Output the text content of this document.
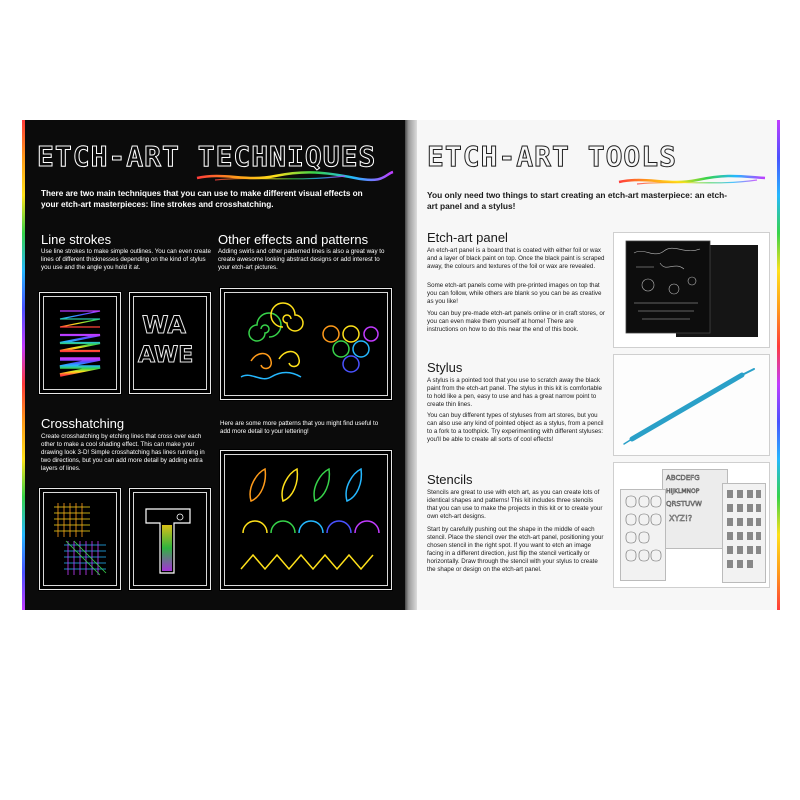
ETCH-ART TECHNIQUES
There are two main techniques that you can use to make different visual effects on your etch-art masterpieces: line strokes and crosshatching.
Line strokes
Use line strokes to make simple outlines. You can even create lines of different thicknesses depending on the kind of stylus you use and the angle you hold it at.
Other effects and patterns
Adding swirls and other patterned lines is also a great way to create awesome looking abstract designs or add interest to your etch-art pictures.
WA
AWE
Crosshatching
Create crosshatching by etching lines that cross over each other to make a cool shading effect. This can make your drawing look 3-D! Simple crosshatching has lines running in two directions, but you can add more detail by adding extra layers of lines.
Here are some more patterns that you might find useful to add more detail to your lettering!
ETCH-ART TOOLS
You only need two things to start creating an etch-art masterpiece: an etch-art panel and a stylus!
Etch-art panel
An etch-art panel is a board that is coated with either foil or wax and a layer of black paint on top. Once the black paint is scraped away, the colours and textures of the foil or wax are revealed.
Some etch-art panels come with pre-printed images on top that you can follow, while others are blank so you can be as creative as you like!
You can buy pre-made etch-art panels online or in craft stores, or you can even make them yourself at home! There are instructions on how to do this near the end of this book.
Stylus
A stylus is a pointed tool that you use to scratch away the black paint from the etch-art panel. The stylus in this kit is comfortable to hold like a pen, easy to use and has a great narrow point to create thin lines.
You can buy different types of styluses from art stores, but you can also use any kind of pointed object as a stylus, from a pencil to a fork to a toothpick. Try experimenting with different styluses: you'll be able to create all sorts of cool effects!
Stencils
Stencils are great to use with etch art, as you can create lots of identical shapes and patterns! This kit includes three stencils that you can use to make the projects in this kit or to create your own etch-art designs.
Start by carefully pushing out the shape in the middle of each stencil. Place the stencil over the etch-art panel, positioning your chosen stencil in the right spot. If you want to etch an image facing in a different direction, just flip the stencil vertically or horizontally. Draw through the stencil with your stylus to create the shape or design on the etch-art panel.
ABCDEFG
HIJKLMNOP
QRSTUVW
XYZ!?
